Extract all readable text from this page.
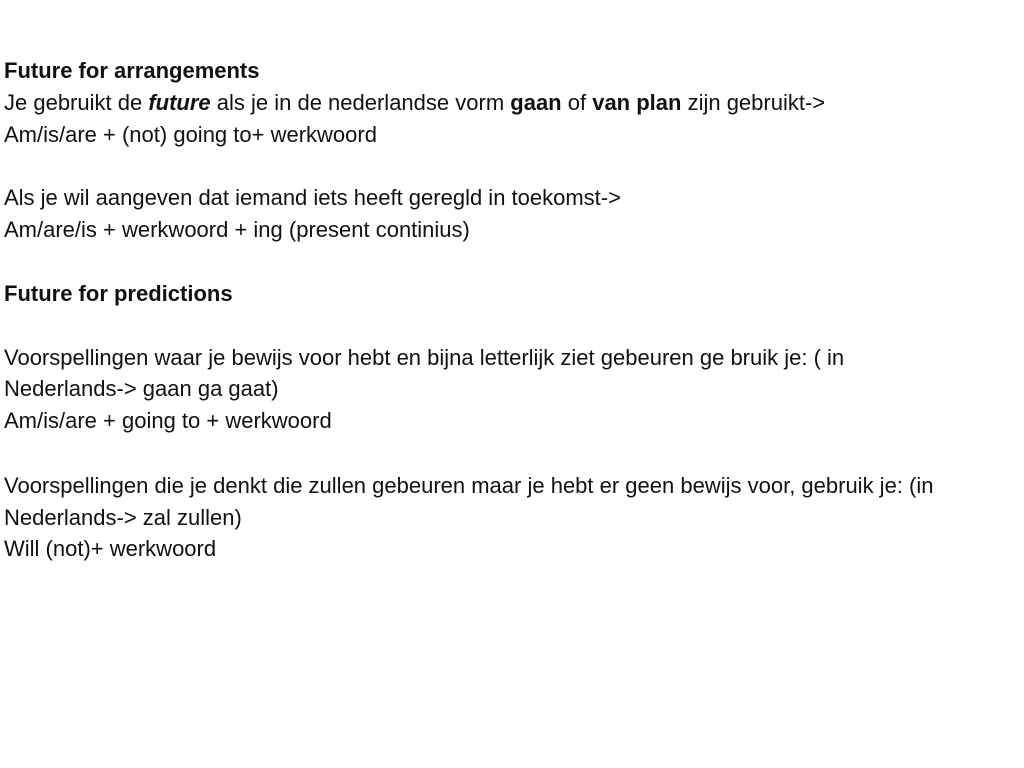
Future for arrangements
Je gebruikt de future als je in de nederlandse vorm gaan of van plan zijn gebruikt->
Am/is/are + (not) going to+ werkwoord
Als je wil aangeven dat iemand iets heeft geregld in toekomst->
Am/are/is + werkwoord + ing (present continius)
Future for predictions
Voorspellingen waar je bewijs voor hebt en bijna letterlijk ziet gebeuren ge bruik je: ( in
Nederlands-> gaan ga gaat)
Am/is/are + going to + werkwoord
Voorspellingen die je denkt die zullen gebeuren maar je hebt er geen bewijs voor, gebruik je: (in
Nederlands-> zal zullen)
Will (not)+ werkwoord
